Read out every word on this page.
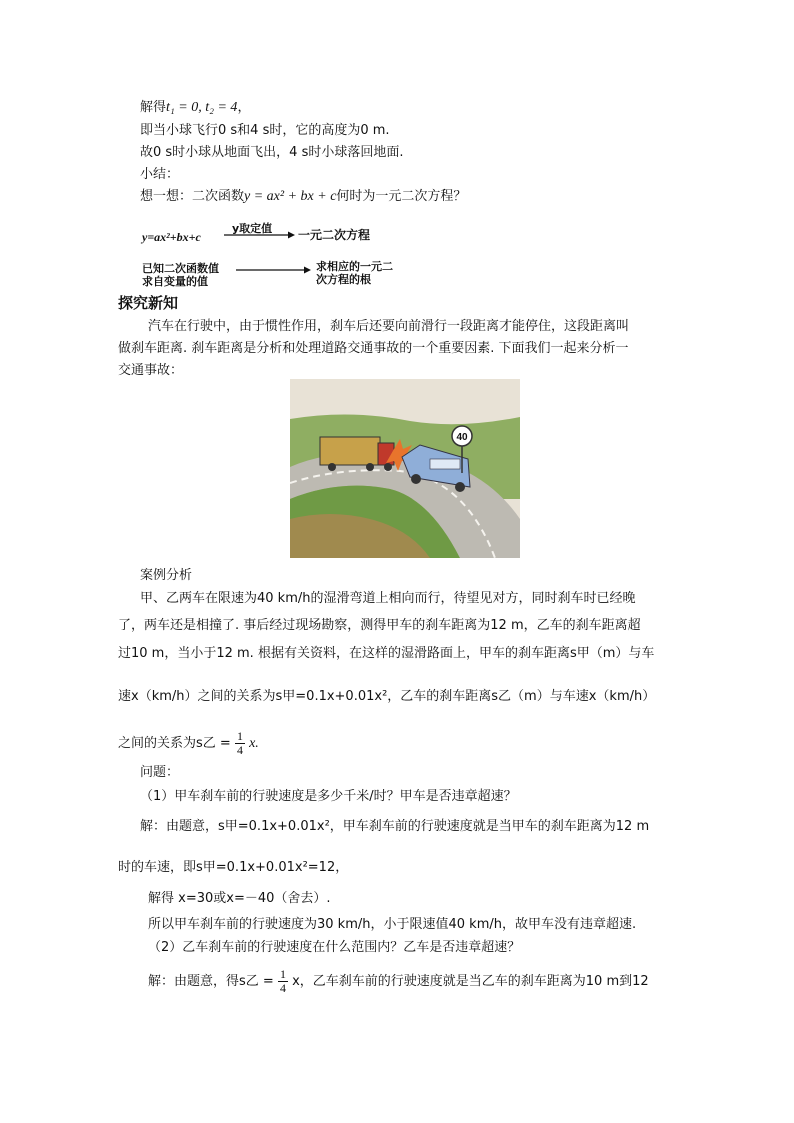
解得t₁ = 0, t₂ = 4，
即当小球飞行0 s和4 s时，它的高度为0 m.
故0 s时小球从地面飞出，4 s时小球落回地面.
小结：
想一想：二次函数y = ax² + bx + c何时为一元二次方程？
y=ax²+bx+c
y取定值 一元二次方程
已知二次函数值
求自变量的值
求相应的一元二
次方程的根
探究新知
汽车在行驶中，由于惯性作用，刹车后还要向前滑行一段距离才能停住，这段距离叫
做刹车距离. 刹车距离是分析和处理道路交通事故的一个重要因素. 下面我们一起来分析一
交通事故：
40
案例分析
甲、乙两车在限速为40 km/h的湿滑弯道上相向而行，待望见对方，同时刹车时已经晚
了，两车还是相撞了. 事后经过现场勘察，测得甲车的刹车距离为12 m，乙车的刹车距离超
过10 m，当小于12 m. 根据有关资料，在这样的湿滑路面上，甲车的刹车距离s甲（m）与车
速x（km/h）之间的关系为s甲=0.1x+0.01x²，乙车的刹车距离s乙（m）与车速x（km/h）
之间的关系为s乙 = $\frac{1}{4} x$.
问题：
（1）甲车刹车前的行驶速度是多少千米/时？甲车是否违章超速？
解：由题意，s甲=0.1x+0.01x²，甲车刹车前的行驶速度就是当甲车的刹车距离为12 m
时的车速，即s甲=0.1x+0.01x²=12，
解得 x=30或x=－40（舍去）.
所以甲车刹车前的行驶速度为30 km/h，小于限速值40 km/h，故甲车没有违章超速.
（2）乙车刹车前的行驶速度在什么范围内？乙车是否违章超速？
解：由题意，得s乙 = $\frac{1}{4}$ x，乙车刹车前的行驶速度就是当乙车的刹车距离为10 m到12
